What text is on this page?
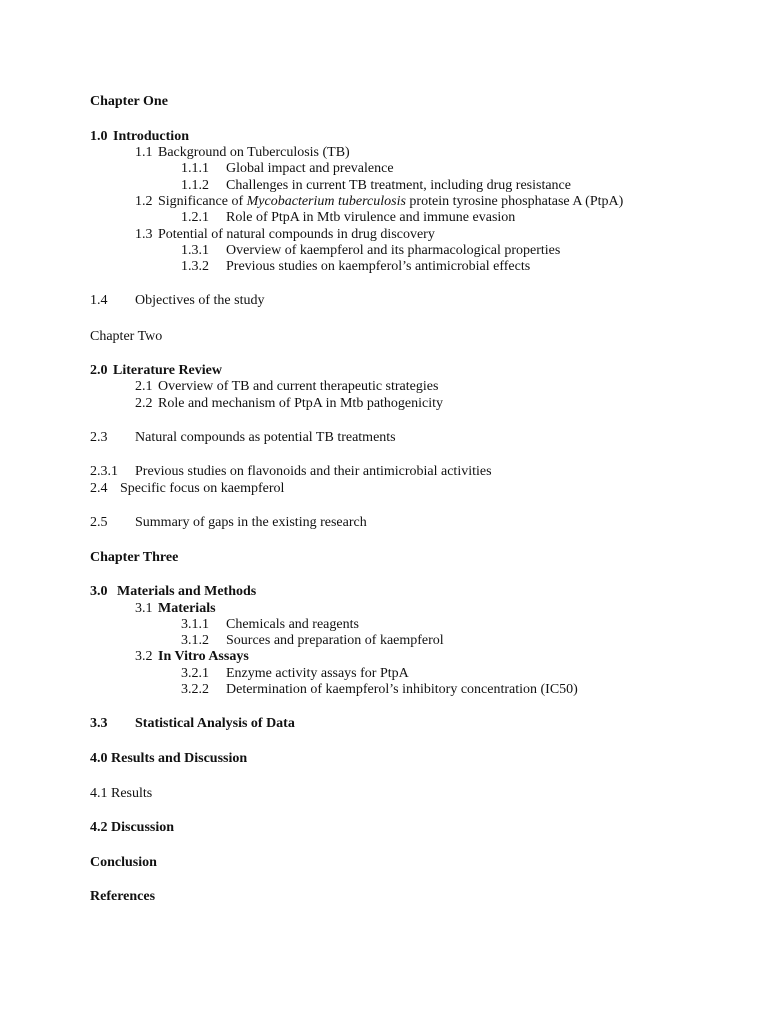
Chapter One
1.0 Introduction
1.1 Background on Tuberculosis (TB)
1.1.1 Global impact and prevalence
1.1.2 Challenges in current TB treatment, including drug resistance
1.2 Significance of Mycobacterium tuberculosis protein tyrosine phosphatase A (PtpA)
1.2.1 Role of PtpA in Mtb virulence and immune evasion
1.3 Potential of natural compounds in drug discovery
1.3.1 Overview of kaempferol and its pharmacological properties
1.3.2 Previous studies on kaempferol’s antimicrobial effects
1.4 Objectives of the study
Chapter Two
2.0 Literature Review
2.1 Overview of TB and current therapeutic strategies
2.2 Role and mechanism of PtpA in Mtb pathogenicity
2.3 Natural compounds as potential TB treatments
2.3.1 Previous studies on flavonoids and their antimicrobial activities
2.4 Specific focus on kaempferol
2.5 Summary of gaps in the existing research
Chapter Three
3.0 Materials and Methods
3.1 Materials
3.1.1 Chemicals and reagents
3.1.2 Sources and preparation of kaempferol
3.2 In Vitro Assays
3.2.1 Enzyme activity assays for PtpA
3.2.2 Determination of kaempferol’s inhibitory concentration (IC50)
3.3 Statistical Analysis of Data
4.0 Results and Discussion
4.1 Results
4.2 Discussion
Conclusion
References
